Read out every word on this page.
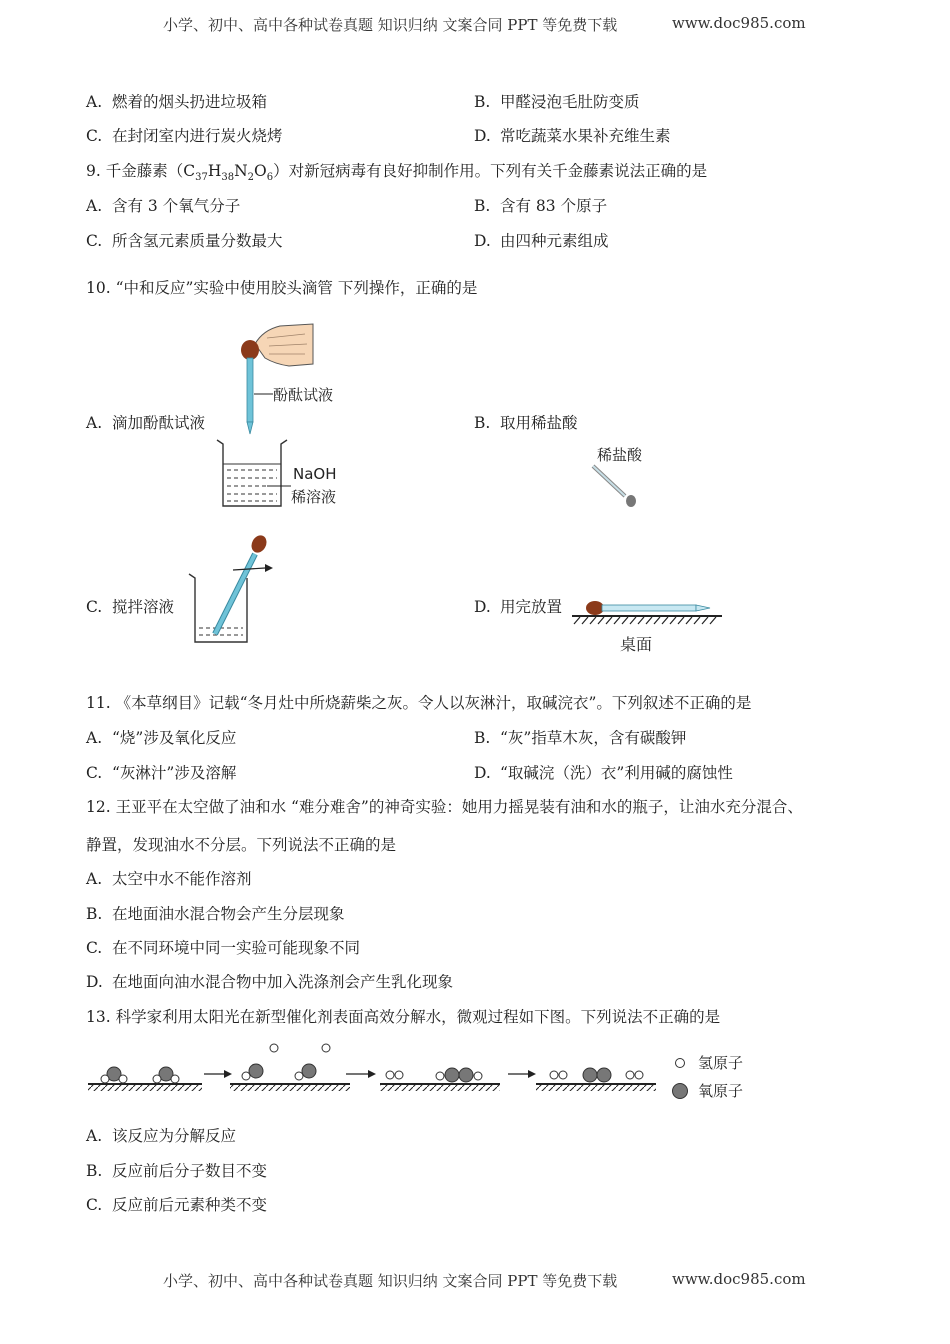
小学、初中、高中各种试卷真题 知识归纳 文案合同 PPT 等免费下载	www.doc985.com
A. 燃着的烟头扔进垃圾箱	B. 甲醛浸泡毛肚防变质
C. 在封闭室内进行炭火烧烤	D. 常吃蔬菜水果补充维生素
9. 千金藤素$(C_{37}H_{38}N_2O_6)$对新冠病毒有良好抑制作用。下列有关千金藤素说法正确的是
A. 含有 3 个氧气分子	B. 含有 83 个原子
C. 所含氢元素质量分数最大	D. 由四种元素组成
10. “中和反应”实验中使用胶头滴管 下列操作，正确的是
A. 滴加酚酞试液	B. 取用稀盐酸
C. 搅拌溶液	D. 用完放置
酚酞试液
NaOH
稀溶液
稀盐酸
桌面
11. 《本草纲目》记载“冬月灶中所烧薪柴之灰。令人以灰淋汁，取碱浣衣”。下列叙述不正确的是
A. “烧”涉及氧化反应	B. “灰”指草木灰，含有碳酸钾
C. “灰淋汁”涉及溶解	D. “取碱浣（洗）衣”利用碱的腐蚀性
12. 王亚平在太空做了油和水 “难分难舍”的神奇实验：她用力摇晃装有油和水的瓶子，让油水充分混合、
静置，发现油水不分层。下列说法不正确的是
A. 太空中水不能作溶剂
B. 在地面油水混合物会产生分层现象
C. 在不同环境中同一实验可能现象不同
D. 在地面向油水混合物中加入洗涤剂会产生乳化现象
13. 科学家利用太阳光在新型催化剂表面高效分解水，微观过程如下图。下列说法不正确的是
氢原子
氧原子
A. 该反应为分解反应
B. 反应前后分子数目不变
C. 反应前后元素种类不变
小学、初中、高中各种试卷真题 知识归纳 文案合同 PPT 等免费下载	www.doc985.com
